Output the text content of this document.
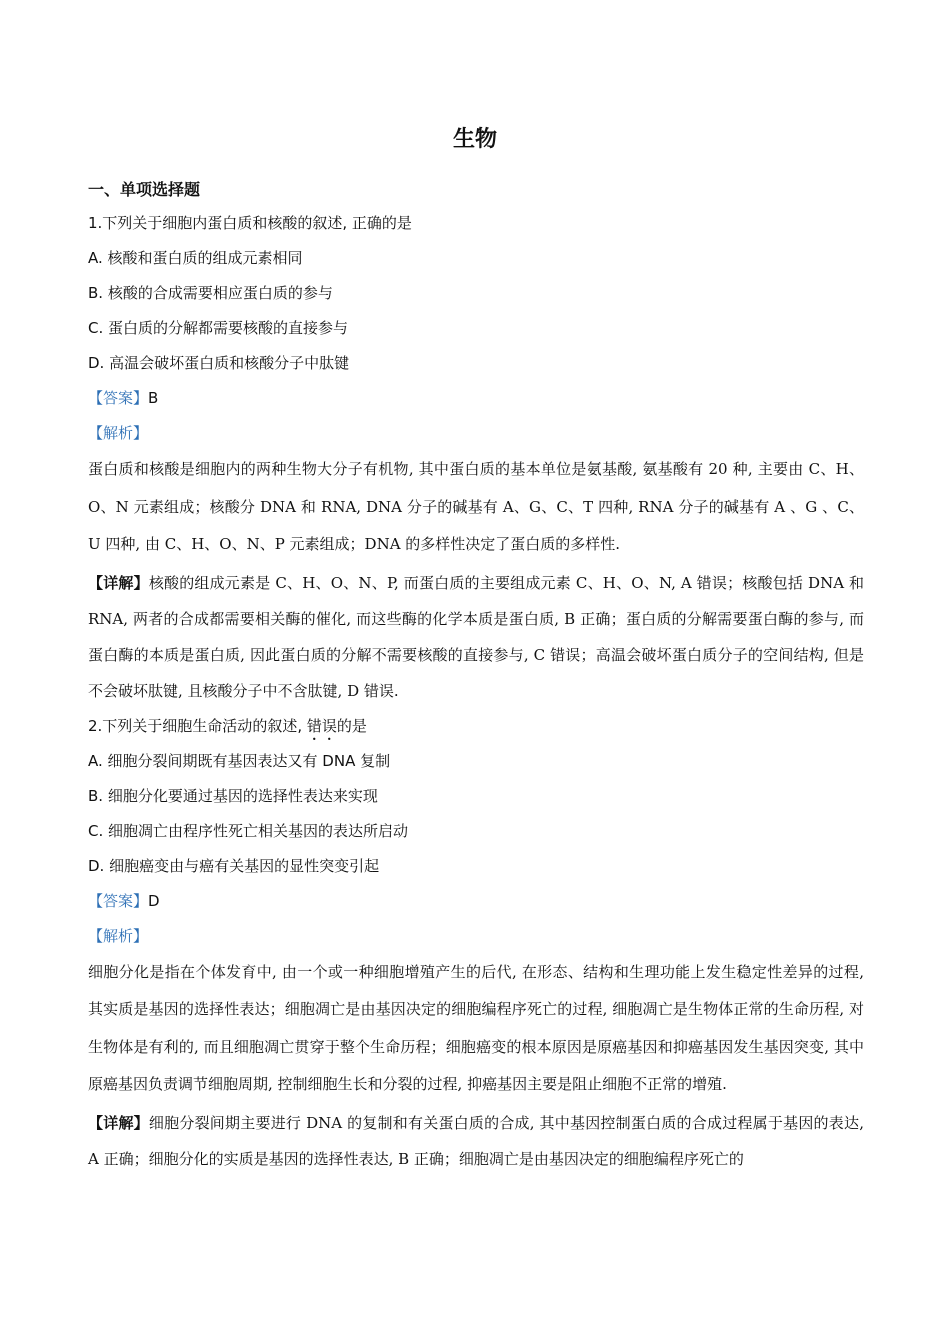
生物
一、单项选择题
1.下列关于细胞内蛋白质和核酸的叙述, 正确的是
A. 核酸和蛋白质的组成元素相同
B. 核酸的合成需要相应蛋白质的参与
C. 蛋白质的分解都需要核酸的直接参与
D. 高温会破坏蛋白质和核酸分子中肽键
【答案】B
【解析】
蛋白质和核酸是细胞内的两种生物大分子有机物, 其中蛋白质的基本单位是氨基酸, 氨基酸有 20 种, 主要由 C、H、O、N 元素组成；核酸分 DNA 和 RNA, DNA 分子的碱基有 A、G、C、T 四种, RNA 分子的碱基有 A 、G 、C、U 四种, 由 C、H、O、N、P 元素组成；DNA 的多样性决定了蛋白质的多样性.
【详解】核酸的组成元素是 C、H、O、N、P, 而蛋白质的主要组成元素 C、H、O、N, A 错误；核酸包括 DNA 和 RNA, 两者的合成都需要相关酶的催化, 而这些酶的化学本质是蛋白质, B 正确；蛋白质的分解需要蛋白酶的参与, 而蛋白酶的本质是蛋白质, 因此蛋白质的分解不需要核酸的直接参与, C 错误；高温会破坏蛋白质分子的空间结构, 但是不会破坏肽键, 且核酸分子中不含肽键, D 错误.
2.下列关于细胞生命活动的叙述, 错误的是
A. 细胞分裂间期既有基因表达又有 DNA 复制
B. 细胞分化要通过基因的选择性表达来实现
C. 细胞凋亡由程序性死亡相关基因的表达所启动
D. 细胞癌变由与癌有关基因的显性突变引起
【答案】D
【解析】
细胞分化是指在个体发育中, 由一个或一种细胞增殖产生的后代, 在形态、结构和生理功能上发生稳定性差异的过程, 其实质是基因的选择性表达；细胞凋亡是由基因决定的细胞编程序死亡的过程, 细胞凋亡是生物体正常的生命历程, 对生物体是有利的, 而且细胞凋亡贯穿于整个生命历程；细胞癌变的根本原因是原癌基因和抑癌基因发生基因突变, 其中原癌基因负责调节细胞周期, 控制细胞生长和分裂的过程, 抑癌基因主要是阻止细胞不正常的增殖.
【详解】细胞分裂间期主要进行 DNA 的复制和有关蛋白质的合成, 其中基因控制蛋白质的合成过程属于基因的表达, A 正确；细胞分化的实质是基因的选择性表达, B 正确；细胞凋亡是由基因决定的细胞编程序死亡的
